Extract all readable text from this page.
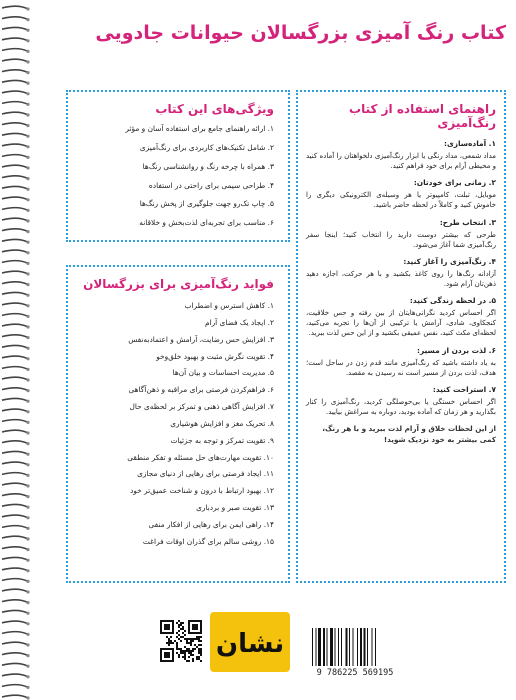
کتاب رنگ آمیزی بزرگسالان حیوانات جادویی
ویژگی‌های این کتاب
۱. ارائه راهنمای جامع برای استفاده آسان و مؤثر
۲. شامل تکنیک‌های کاربردی برای رنگ‌آمیزی
۳. همراه با چرخه رنگ و روانشناسی رنگ‌ها
۴. طراحی سیمی برای راحتی در استفاده
۵. چاپ تک‌رو جهت جلوگیری از پخش رنگ‌ها
۶. مناسب برای تجربه‌ای لذت‌بخش و خلاقانه
فواید رنگ‌آمیزی برای بزرگسالان
۱. کاهش استرس و اضطراب
۲. ایجاد یک فضای آرام
۳. افزایش حس رضایت، آرامش و اعتماد‌به‌نفس
۴. تقویت نگرش مثبت و بهبود خلق‌وخو
۵. مدیریت احساسات و بیان آن‌ها
۶. فراهم‌کردن فرصتی برای مراقبه و ذهن‌آگاهی
۷. افزایش آگاهی ذهنی و تمرکز بر لحظه‌ی حال
۸. تحریک مغز و افزایش هوشیاری
۹. تقویت تمرکز و توجه به جزئیات
۱۰. تقویت مهارت‌های حل مسئله و تفکر منطقی
۱۱. ایجاد فرصتی برای رهایی از دنیای مجازی
۱۲. بهبود ارتباط با درون و شناخت عمیق‌تر خود
۱۳. تقویت صبر و بردباری
۱۴. راهی ایمن برای رهایی از افکار منفی
۱۵. روشی سالم برای گذران اوقات فراغت
راهنمای استفاده از کتاب رنگ‌آمیزی
۱. آماده‌سازی:

مداد شمعی، مداد رنگی یا ابزار رنگ‌آمیزی دلخواهتان را آماده کنید و محیطی آرام برای خود فراهم کنید.

۲. زمانی برای خودتان:

موبایل، تبلت، کامپیوتر یا هر وسیله‌ی الکترونیکی دیگری را خاموش کنید و کاملاً در لحظه حاضر باشید.

۳. انتخاب طرح:

طرحی که بیشتر دوست دارید را انتخاب کنید؛ اینجا سفر رنگ‌آمیزی شما آغاز می‌شود.

۴. رنگ‌آمیزی را آغاز کنید:

آزادانه رنگ‌ها را روی کاغذ بکشید و با هر حرکت، اجازه دهید ذهن‌تان آرام شود.

۵. در لحظه زندگی کنید:

اگر احساس کردید نگرانی‌هایتان از بین رفته و حس خلاقیت، کنجکاوی، شادی، آرامش یا ترکیبی از آن‌ها را تجربه می‌کنید، لحظه‌ای مکث کنید، نفس عمیقی بکشید و از این حس لذت ببرید.

۶. لذت بردن از مسیر:

به یاد داشته باشید که رنگ‌آمیزی مانند قدم زدن در ساحل است؛ هدف، لذت بردن از مسیر است نه رسیدن به مقصد.

۷. استراحت کنید:

اگر احساس خستگی یا بی‌حوصلگی کردید، رنگ‌آمیزی را کنار بگذارید و هر زمان که آماده بودید، دوباره به سراغش بیایید.

از این لحظات خلاق و آرام لذت ببرید و با هر رنگ، کمی بیشتر به خود نزدیک شوید!

نشان
9 786225 569195
